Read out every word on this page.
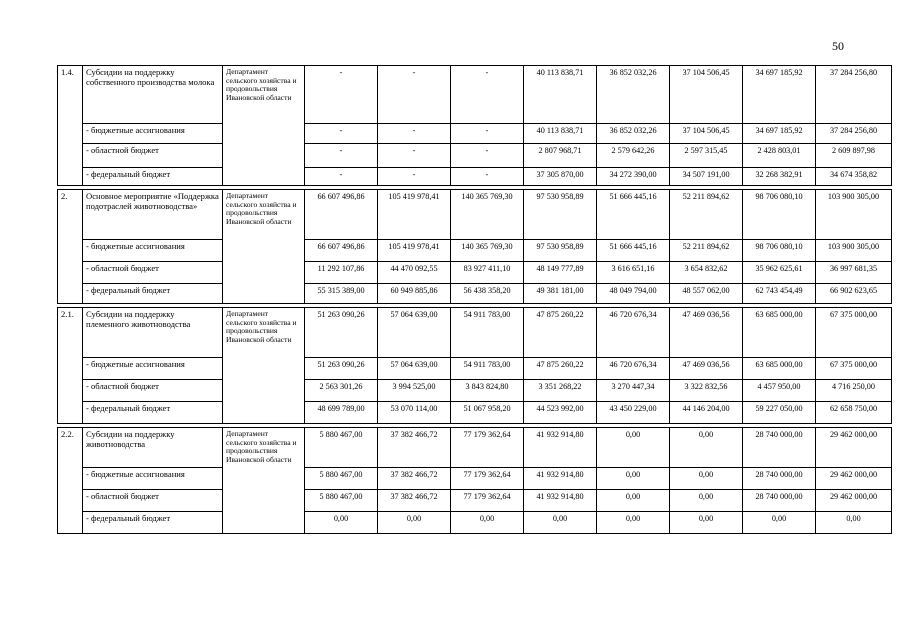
50
1.4.	Субсидии на поддержку собственного производства молока	Департамент сельского хозяйства и продовольствия Ивановской области	-	-	-	40 113 838,71	36 852 032,26	37 104 506,45	34 697 185,92	37 284 256,80
	- бюджетные ассигнования		-	-	-	40 113 838,71	36 852 032,26	37 104 506,45	34 697 185,92	37 284 256,80
	- областной бюджет		-	-	-	2 807 968,71	2 579 642,26	2 597 315,45	2 428 803,01	2 609 897,98
	- федеральный бюджет		-	-	-	37 305 870,00	34 272 390,00	34 507 191,00	32 268 382,91	34 674 358,82

2.	Основное мероприятие «Поддержка подотраслей животноводства»	Департамент сельского хозяйства и продовольствия Ивановской области	66 607 496,86	105 419 978,41	140 365 769,30	97 530 958,89	51 666 445,16	52 211 894,62	98 706 080,10	103 900 305,00
	- бюджетные ассигнования		66 607 496,86	105 419 978,41	140 365 769,30	97 530 958,89	51 666 445,16	52 211 894,62	98 706 080,10	103 900 305,00
	- областной бюджет		11 292 107,86	44 470 092,55	83 927 411,10	48 149 777,89	3 616 651,16	3 654 832,62	35 962 625,61	36 997 681,35
	- федеральный бюджет		55 315 389,00	60 949 885,86	56 438 358,20	49 381 181,00	48 049 794,00	48 557 062,00	62 743 454,49	66 902 623,65

2.1.	Субсидии на поддержку племенного животноводства	Департамент сельского хозяйства и продовольствия Ивановской области	51 263 090,26	57 064 639,00	54 911 783,00	47 875 260,22	46 720 676,34	47 469 036,56	63 685 000,00	67 375 000,00
	- бюджетные ассигнования		51 263 090,26	57 064 639,00	54 911 783,00	47 875 260,22	46 720 676,34	47 469 036,56	63 685 000,00	67 375 000,00
	- областной бюджет		2 563 301,26	3 994 525,00	3 843 824,80	3 351 268,22	3 270 447,34	3 322 832,56	4 457 950,00	4 716 250,00
	- федеральный бюджет		48 699 789,00	53 070 114,00	51 067 958,20	44 523 992,00	43 450 229,00	44 146 204,00	59 227 050,00	62 658 750,00

2.2.	Субсидии на поддержку животноводства	Департамент сельского хозяйства и продовольствия Ивановской области	5 880 467,00	37 382 466,72	77 179 362,64	41 932 914,80	0,00	0,00	28 740 000,00	29 462 000,00
	- бюджетные ассигнования		5 880 467,00	37 382 466,72	77 179 362,64	41 932 914,80	0,00	0,00	28 740 000,00	29 462 000,00
	- областной бюджет		5 880 467,00	37 382 466,72	77 179 362,64	41 932 914,80	0,00	0,00	28 740 000,00	29 462 000,00
	- федеральный бюджет		0,00	0,00	0,00	0,00	0,00	0,00	0,00	0,00
